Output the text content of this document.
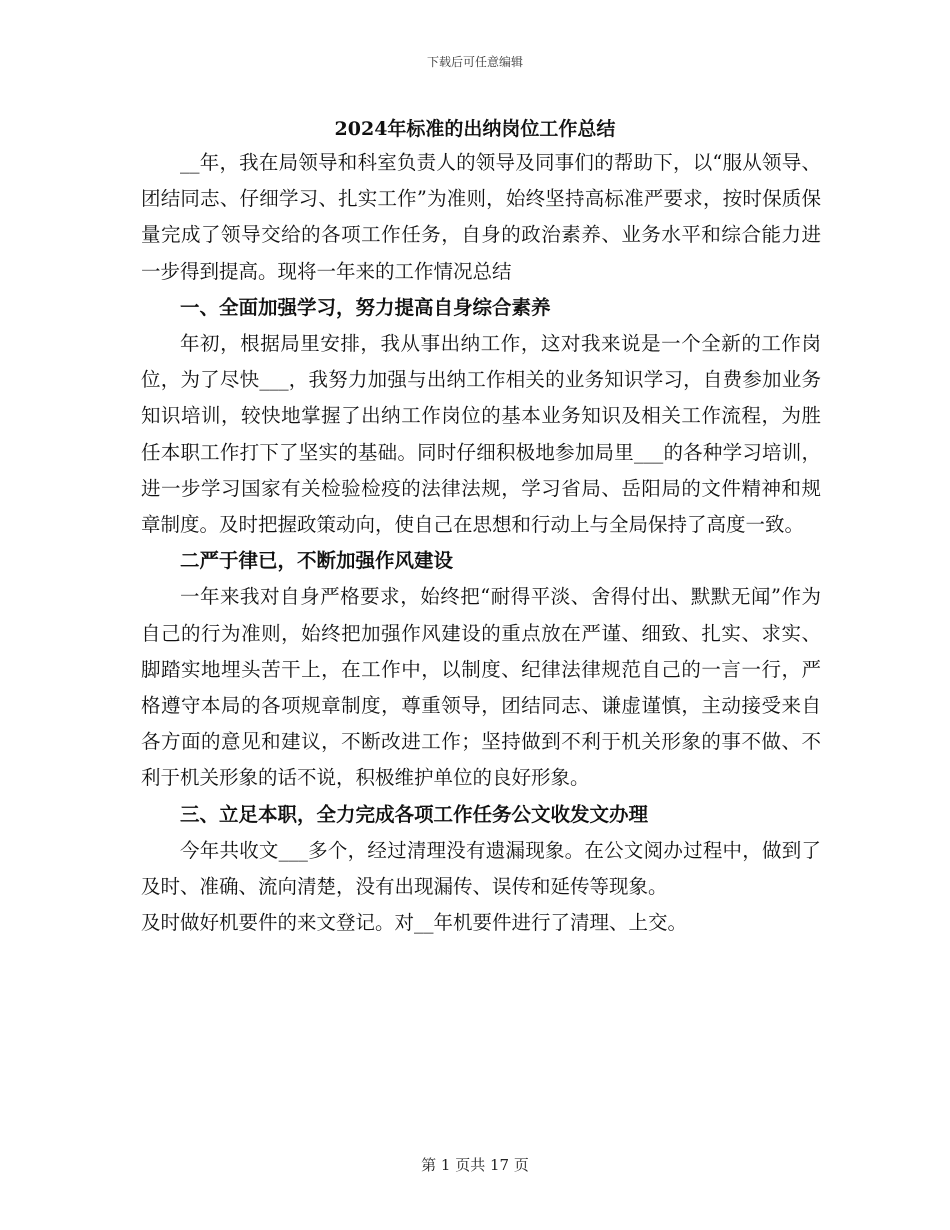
下载后可任意编辑
2024年标准的出纳岗位工作总结

__年，我在局领导和科室负责人的领导及同事们的帮助下，以“服从领导、团结同志、仔细学习、扎实工作”为准则，始终坚持高标准严要求，按时保质保量完成了领导交给的各项工作任务，自身的政治素养、业务水平和综合能力进一步得到提高。现将一年来的工作情况总结

一、全面加强学习，努力提高自身综合素养

年初，根据局里安排，我从事出纳工作，这对我来说是一个全新的工作岗位，为了尽快___，我努力加强与出纳工作相关的业务知识学习，自费参加业务知识培训，较快地掌握了出纳工作岗位的基本业务知识及相关工作流程，为胜任本职工作打下了坚实的基础。同时仔细积极地参加局里___的各种学习培训，进一步学习国家有关检验检疫的法律法规，学习省局、岳阳局的文件精神和规章制度。及时把握政策动向，使自己在思想和行动上与全局保持了高度一致。

二严于律已，不断加强作风建设

一年来我对自身严格要求，始终把“耐得平淡、舍得付出、默默无闻”作为自己的行为准则，始终把加强作风建设的重点放在严谨、细致、扎实、求实、脚踏实地埋头苦干上，在工作中，以制度、纪律法律规范自己的一言一行，严格遵守本局的各项规章制度，尊重领导，团结同志、谦虚谨慎，主动接受来自各方面的意见和建议，不断改进工作；坚持做到不利于机关形象的事不做、不利于机关形象的话不说，积极维护单位的良好形象。

三、立足本职，全力完成各项工作任务公文收发文办理

今年共收文___多个，经过清理没有遗漏现象。在公文阅办过程中，做到了及时、准确、流向清楚，没有出现漏传、误传和延传等现象。

及时做好机要件的来文登记。对__年机要件进行了清理、上交。

第 1 页共 17 页
